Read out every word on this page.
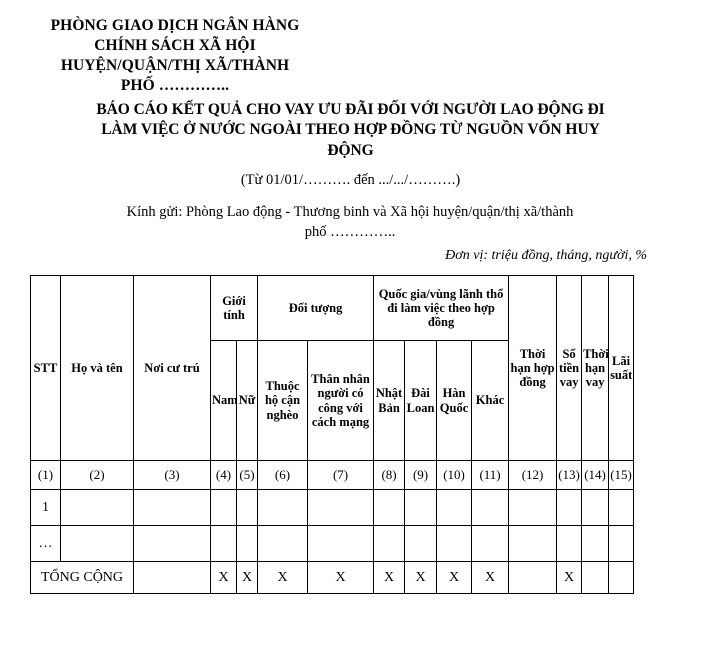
PHÒNG GIAO DỊCH NGÂN HÀNG
CHÍNH SÁCH XÃ HỘI
HUYỆN/QUẬN/THỊ XÃ/THÀNH
PHỐ …………..
BÁO CÁO KẾT QUẢ CHO VAY ƯU ĐÃI ĐỐI VỚI NGƯỜI LAO ĐỘNG ĐI
LÀM VIỆC Ở NƯỚC NGOÀI THEO HỢP ĐỒNG TỪ NGUỒN VỐN HUY
ĐỘNG
(Từ 01/01/………. đến .../.../……….)
Kính gửi: Phòng Lao động - Thương binh và Xã hội huyện/quận/thị xã/thành
phố …………..
Đơn vị: triệu đồng, tháng, người, %
STT	Họ và tên	Nơi cư trú	Giới tính		Đối tượng		Quốc gia/vùng lãnh thổ đi làm việc theo hợp đồng				Thời hạn hợp đồng	Số tiền vay	Thời hạn vay	Lãi suất
			Nam	Nữ	Thuộc hộ cận nghèo	Thân nhân người có công với cách mạng	Nhật Bản	Đài Loan	Hàn Quốc	Khác				
(1)	(2)	(3)	(4)	(5)	(6)	(7)	(8)	(9)	(10)	(11)	(12)	(13)	(14)	(15)
1														
…														
TỔNG CỘNG			X	X	X	X	X	X	X	X		X		
